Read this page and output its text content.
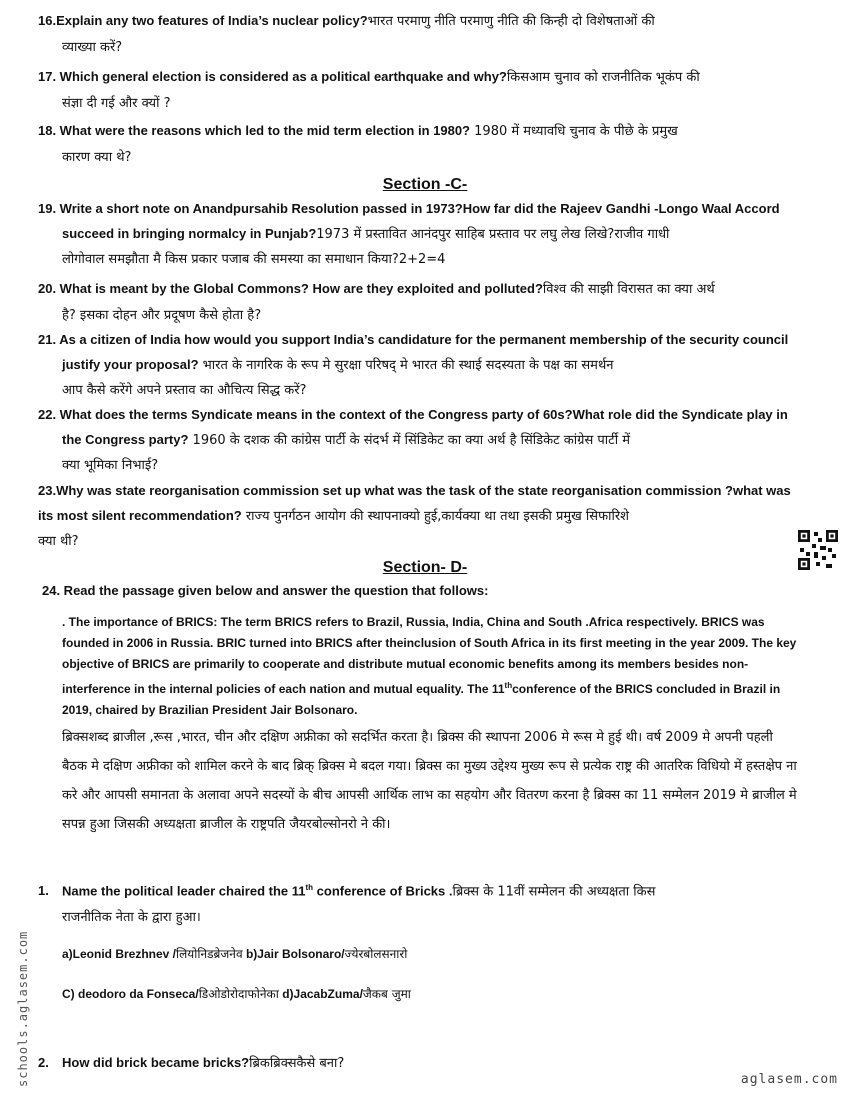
16.Explain any two features of India’s nuclear policy?भारत परमाणु नीति परमाणु नीति की किन्ही दो विशेषताओं की
व्याख्या करें?
17. Which general election is considered as a political earthquake and why?किसआम चुनाव को राजनीतिक भूकंप की
संज्ञा दी गई और क्यों ?
18. What were the reasons which led to the mid term election in 1980? 1980 में मध्यावधि चुनाव के पीछे के प्रमुख
कारण क्या थे?
Section -C-
19. Write a short note on Anandpursahib Resolution passed in 1973?How far did the Rajeev Gandhi -Longo Waal Accord
succeed in bringing normalcy in Punjab?1973 में प्रस्तावित आनंदपुर साहिब प्रस्ताव पर लघु लेख लिखे?राजीव गाधी
लोगोवाल समझौता मै किस प्रकार पजाब की समस्या का समाधान किया?2+2=4
20. What is meant by the Global Commons? How are they exploited and polluted?विश्व की साझी विरासत का क्या अर्थ
है? इसका दोहन और प्रदूषण कैसे होता है?
21. As a citizen of India how would you support India’s candidature for the permanent membership of the security council
justify your proposal? भारत के नागरिक के रूप मे सुरक्षा परिषद् मे भारत की स्थाई सदस्यता के पक्ष का समर्थन
आप कैसे करेंगे अपने प्रस्ताव का औचित्य सिद्ध करें?
22. What does the terms Syndicate means in the context of the Congress party of 60s?What role did the Syndicate play in
the Congress party? 1960 के दशक की कांग्रेस पार्टी के संदर्भ में सिंडिकेट का क्या अर्थ है सिंडिकेट कांग्रेस पार्टी में
क्या भूमिका निभाई?
23.Why was state reorganisation commission set up what was the task of the state reorganisation commission ?what was
its most silent recommendation? राज्य पुनर्गठन आयोग की स्थापनाक्यो हुई,कार्यक्या था तथा इसकी प्रमुख सिफारिशे
क्या थी?
Section- D-
24. Read the passage given below and answer the question that follows:
. The importance of BRICS: The term BRICS refers to Brazil, Russia, India, China and South .Africa respectively. BRICS was founded in 2006 in Russia. BRIC turned into BRICS after theinclusion of South Africa in its first meeting in the year 2009. The key objective of BRICS are primarily to cooperate and distribute mutual economic benefits among its members besides non-interference in the internal policies of each nation and mutual equality. The 11thconference of the BRICS concluded in Brazil in 2019, chaired by Brazilian President Jair Bolsonaro.
ब्रिक्सशब्द ब्राजील ,रूस ,भारत, चीन और दक्षिण अफ्रीका को सदर्भित करता है। ब्रिक्स की स्थापना 2006 मे रूस मे हुई थी। वर्ष 2009 मे अपनी पहली बैठक मे दक्षिण अफ्रीका को शामिल करने के बाद ब्रिक् ब्रिक्स मे बदल गया। ब्रिक्स का मुख्य उद्देश्य मुख्य रूप से प्रत्येक राष्ट्र की आतरिक विधियो में हस्तक्षेप ना करे और आपसी समानता के अलावा अपने सदस्यों के बीच आपसी आर्थिक लाभ का सहयोग और वितरण करना है ब्रिक्स का 11 सम्मेलन 2019 मे ब्राजील मे सपन्न हुआ जिसकी अध्यक्षता ब्राजील के राष्ट्रपति जैयरबोल्सोनरो ने की।
1. Name the political leader chaired the 11th conference of Bricks .ब्रिक्स के 11वीं सम्मेलन की अध्यक्षता किस
राजनीतिक नेता के द्वारा हुआ।
a)Leonid Brezhnev /लियोनिडब्रेजनेव b)Jair Bolsonaro/ज्येरबोलसनारो
C) deodoro da Fonseca/डिओडोरोदाफोनेका d)JacabZuma/जैकब जुमा
2. How did brick became bricks?ब्रिकब्रिक्सकैसे बना?
schools.aglasem.com	aglasem.com
